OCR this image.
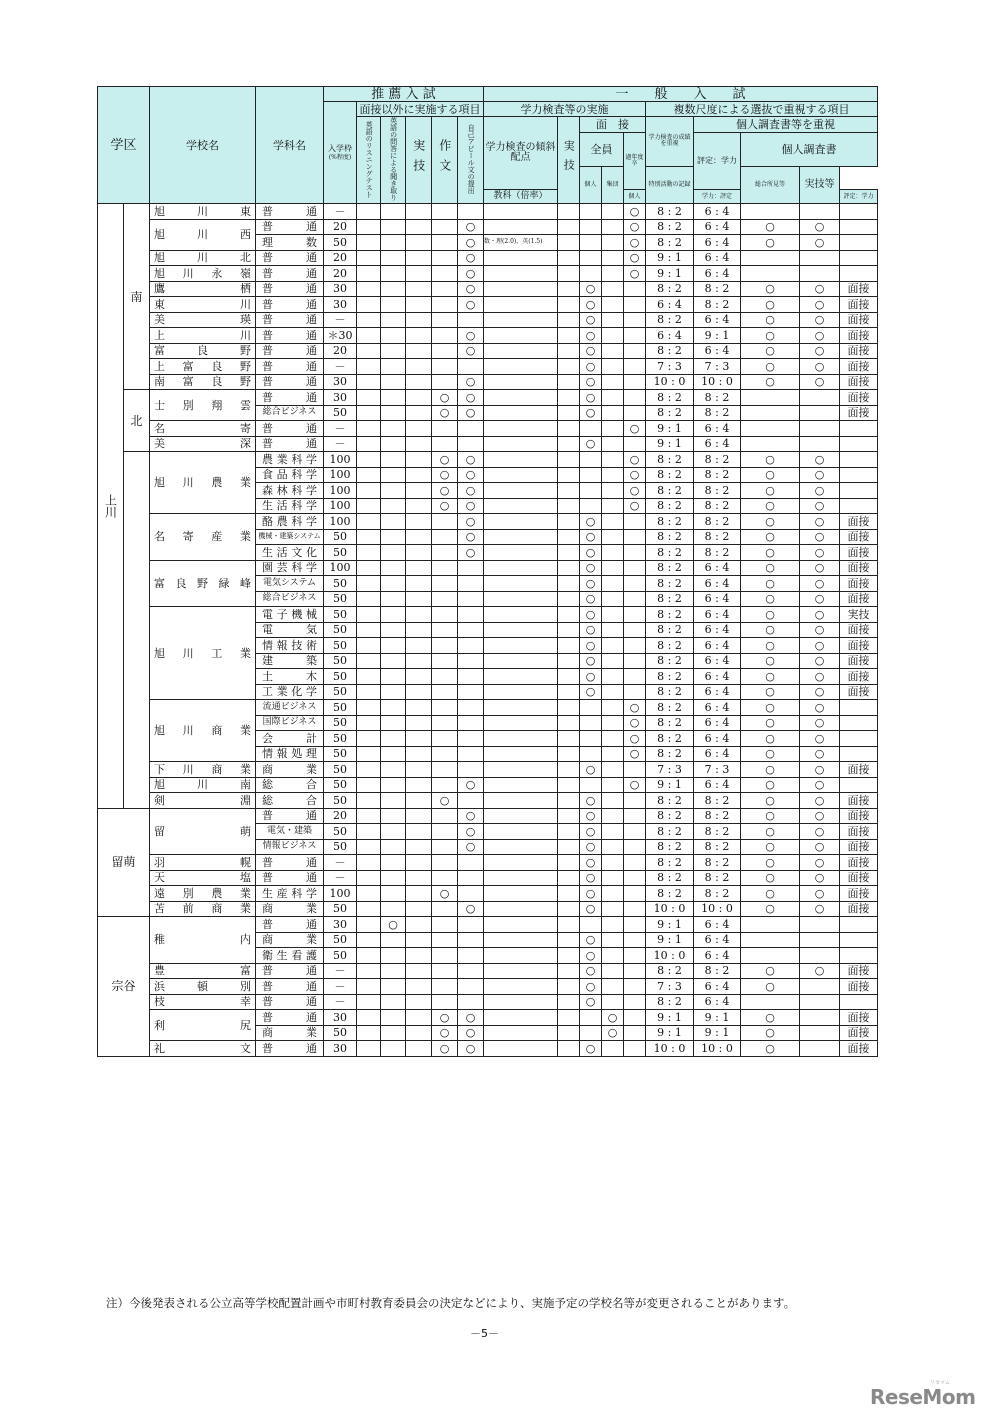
学区		学校名	学科名	推 薦 入 試						一　　般　　入　　試									
				入学枠
(%程度)	面接以外に実施する項目					学力検査等の実施					複数尺度による選抜で重視する項目				
					英語のリスニングテスト	英語の問答による聞き取り	実技	作文	自己アピール文の提出	学力検査の傾斜配点	実技	面　接			学力検査の成績を重視	個人調査書等を重視			
												全員		過年度卒		評定：学力	個人調査書		
												個人	集団		特別活動の記録		総合所見等	実技等	
										教科（倍率）				個人		学力：評定			評定：学力
上川	南	旭川東	普通	－										○	8 : 2	6 : 4			
		旭川西	普通	20					○					○	8 : 2	6 : 4	○	○	
			理数	50					○	数・理(2.0)、英(1.5)				○	8 : 2	6 : 4	○	○	
		旭川北	普通	20					○					○	9 : 1	6 : 4			
		旭川永嶺	普通	20					○					○	9 : 1	6 : 4			
		鷹栖	普通	30					○			○			8 : 2	8 : 2	○	○	面接
		東川	普通	30					○			○			6 : 4	8 : 2	○	○	面接
		美瑛	普通	－								○			8 : 2	6 : 4	○	○	面接
		上川	普通	＊30					○			○			6 : 4	9 : 1	○	○	面接
		富良野	普通	20					○			○			8 : 2	6 : 4	○	○	面接
		上富良野	普通	－								○			7 : 3	7 : 3	○	○	面接
		南富良野	普通	30					○			○			10 : 0	10 : 0	○	○	面接
	北	士別翔雲	普通	30				○	○			○			8 : 2	8 : 2			面接
			総合ビジネス	50				○	○			○			8 : 2	8 : 2			面接
		名寄	普通	－										○	9 : 1	6 : 4			
		美深	普通	－								○			9 : 1	6 : 4			
		旭川農業	農業科学	100				○	○					○	8 : 2	8 : 2	○	○	
			食品科学	100				○	○					○	8 : 2	8 : 2	○	○	
			森林科学	100				○	○					○	8 : 2	8 : 2	○	○	
			生活科学	100				○	○					○	8 : 2	8 : 2	○	○	
		名寄産業	酪農科学	100					○			○			8 : 2	8 : 2	○	○	面接
			機械・建築システム	50					○			○			8 : 2	8 : 2	○	○	面接
			生活文化	50					○			○			8 : 2	8 : 2	○	○	面接
		富良野緑峰	園芸科学	100								○			8 : 2	6 : 4	○	○	面接
			電気システム	50								○			8 : 2	6 : 4	○	○	面接
			総合ビジネス	50								○			8 : 2	6 : 4	○	○	面接
		旭川工業	電子機械	50								○			8 : 2	6 : 4	○	○	実技
			電気	50								○			8 : 2	6 : 4	○	○	面接
			情報技術	50								○			8 : 2	6 : 4	○	○	面接
			建築	50								○			8 : 2	6 : 4	○	○	面接
			土木	50								○			8 : 2	6 : 4	○	○	面接
			工業化学	50								○			8 : 2	6 : 4	○	○	面接
		旭川商業	流通ビジネス	50										○	8 : 2	6 : 4	○	○	
			国際ビジネス	50										○	8 : 2	6 : 4	○	○	
			会計	50										○	8 : 2	6 : 4	○	○	
			情報処理	50										○	8 : 2	6 : 4	○	○	
		下川商業	商業	50								○			7 : 3	7 : 3	○	○	面接
		旭川南	総合	50					○					○	9 : 1	6 : 4	○	○	
		剣淵	総合	50				○				○			8 : 2	8 : 2	○	○	面接
留萌		留萌	普通	20					○			○			8 : 2	8 : 2	○	○	面接
			電気・建築	50					○			○			8 : 2	8 : 2	○	○	面接
			情報ビジネス	50					○			○			8 : 2	8 : 2	○	○	面接
		羽幌	普通	－								○			8 : 2	8 : 2	○	○	面接
		天塩	普通	－								○			8 : 2	8 : 2	○	○	面接
		遠別農業	生産科学	100				○				○			8 : 2	8 : 2	○	○	面接
		苫前商業	商業	50					○			○			10 : 0	10 : 0	○	○	面接
宗谷		稚内	普通	30		○									9 : 1	6 : 4			
			商業	50								○			9 : 1	6 : 4			
			衛生看護	50								○			10 : 0	6 : 4			
		豊富	普通	－								○			8 : 2	8 : 2	○	○	面接
		浜頓別	普通	－								○			7 : 3	6 : 4	○		面接
		枝幸	普通	－								○			8 : 2	6 : 4			
		利尻	普通	30				○	○				○		9 : 1	9 : 1	○		面接
			商業	50				○	○				○		9 : 1	9 : 1	○		面接
		礼文	普通	30				○	○			○			10 : 0	10 : 0	○		面接
注）今後発表される公立高等学校配置計画や市町村教育委員会の決定などにより、実施予定の学校名等が変更されることがあります。
－5－
リセマム
ReseMom
